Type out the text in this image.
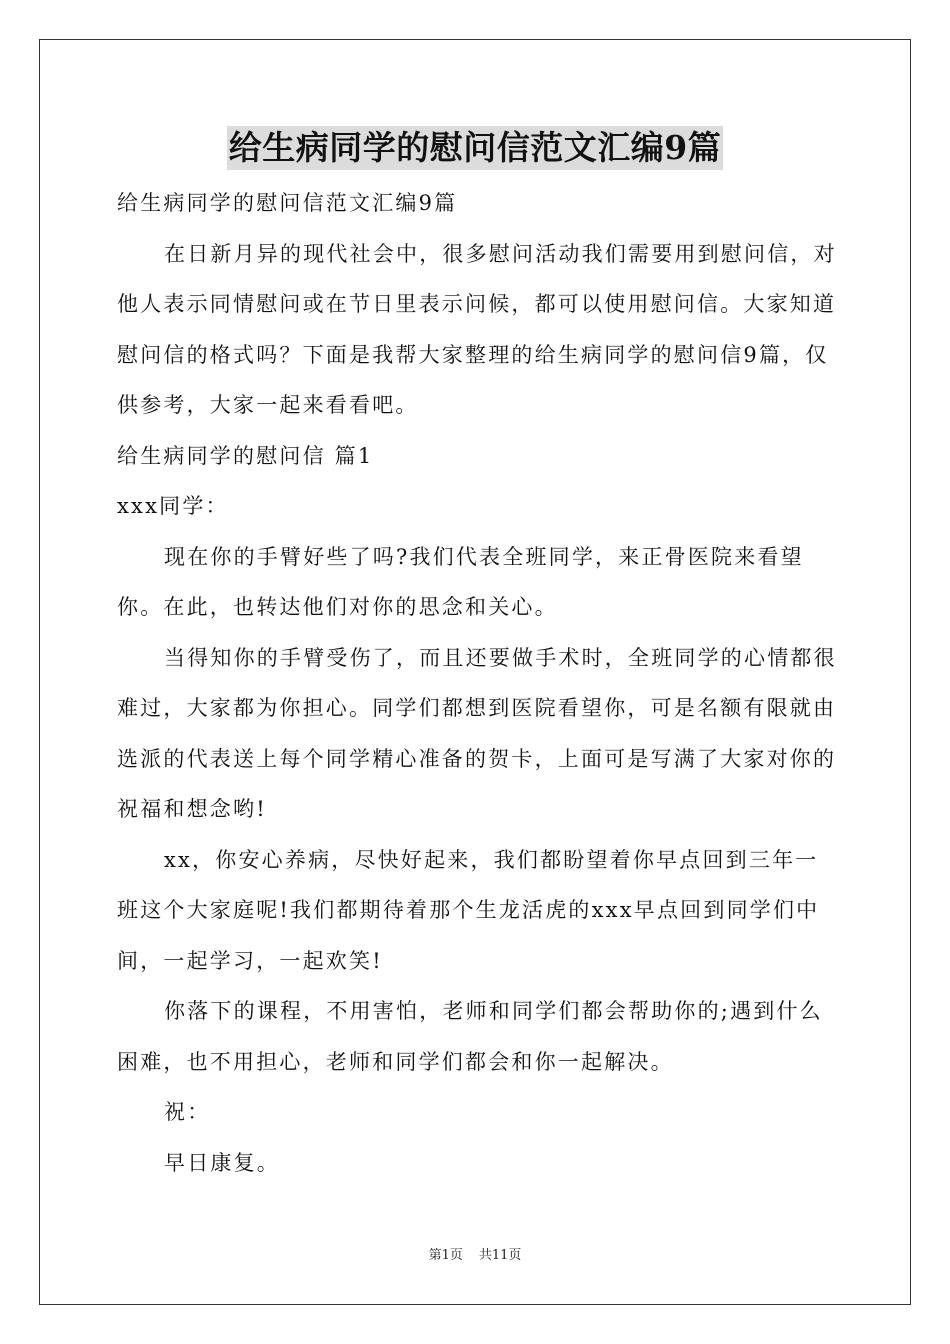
给生病同学的慰问信范文汇编9篇

给生病同学的慰问信范文汇编9篇

在日新月异的现代社会中，很多慰问活动我们需要用到慰问信，对他人表示同情慰问或在节日里表示问候，都可以使用慰问信。大家知道慰问信的格式吗？下面是我帮大家整理的给生病同学的慰问信9篇，仅供参考，大家一起来看看吧。

给生病同学的慰问信 篇1

xxx同学：

现在你的手臂好些了吗?我们代表全班同学，来正骨医院来看望你。在此，也转达他们对你的思念和关心。

当得知你的手臂受伤了，而且还要做手术时，全班同学的心情都很难过，大家都为你担心。同学们都想到医院看望你，可是名额有限就由选派的代表送上每个同学精心准备的贺卡，上面可是写满了大家对你的祝福和想念哟!

xx，你安心养病，尽快好起来，我们都盼望着你早点回到三年一班这个大家庭呢!我们都期待着那个生龙活虎的xxx早点回到同学们中间，一起学习，一起欢笑!

你落下的课程，不用害怕，老师和同学们都会帮助你的;遇到什么困难，也不用担心，老师和同学们都会和你一起解决。

祝：

早日康复。

第1页 共11页
